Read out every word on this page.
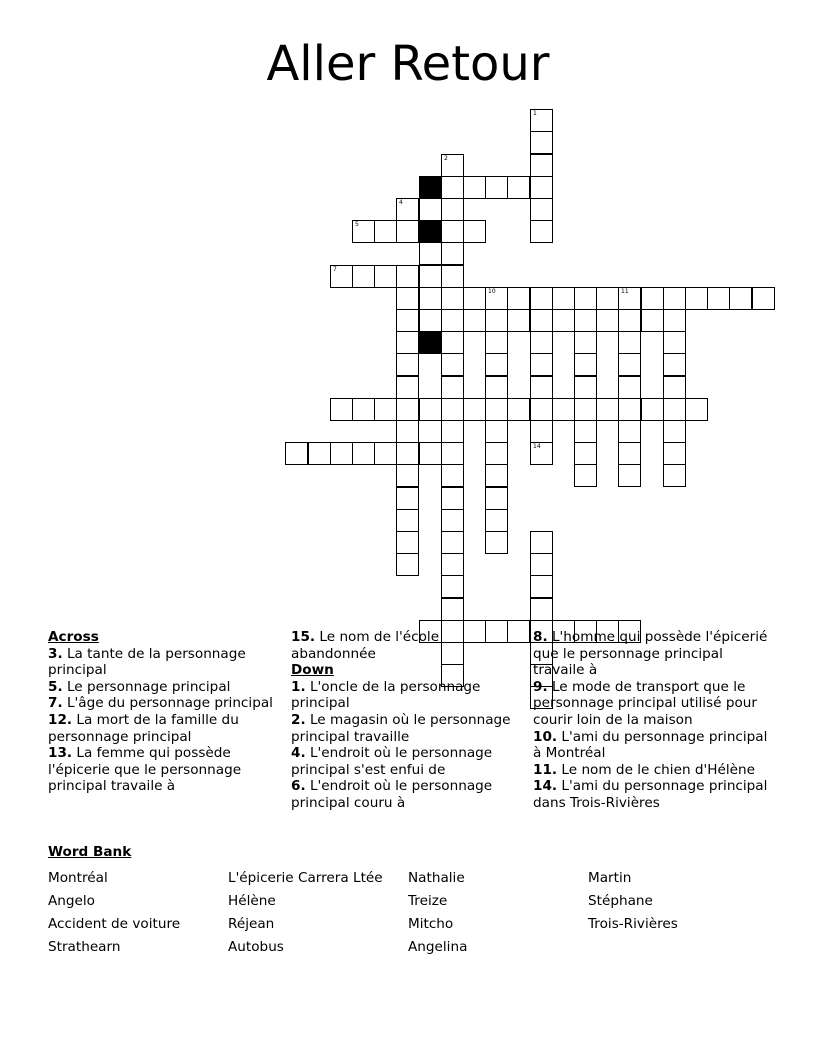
Aller Retour
1
2
3
4
5
7
10	11
14
Across
3. La tante de la personnage principal
5. Le personnage principal
7. L'âge du personnage principal
12. La mort de la famille du personnage principal
13. La femme qui possède l'épicerie que le personnage principal travaile à
15. Le nom de l'école abandonnée
Down
1. L'oncle de la personnage principal
2. Le magasin où le personnage principal travaille
4. L'endroit où le personnage principal s'est enfui de
6. L'endroit où le personnage principal couru à
8. L'homme qui possède l'épicerié que le personnage principal travaile à
9. Le mode de transport que le personnage principal utilisé pour courir loin de la maison
10. L'ami du personnage principal à Montréal
11. Le nom de le chien d'Hélène
14. L'ami du personnage principal dans Trois-Rivières
Word Bank
Montréal
Angelo
Accident de voiture
Strathearn
L'épicerie Carrera Ltée
Hélène
Réjean
Autobus
Nathalie
Treize
Mitcho
Angelina
Martin
Stéphane
Trois-Rivières
